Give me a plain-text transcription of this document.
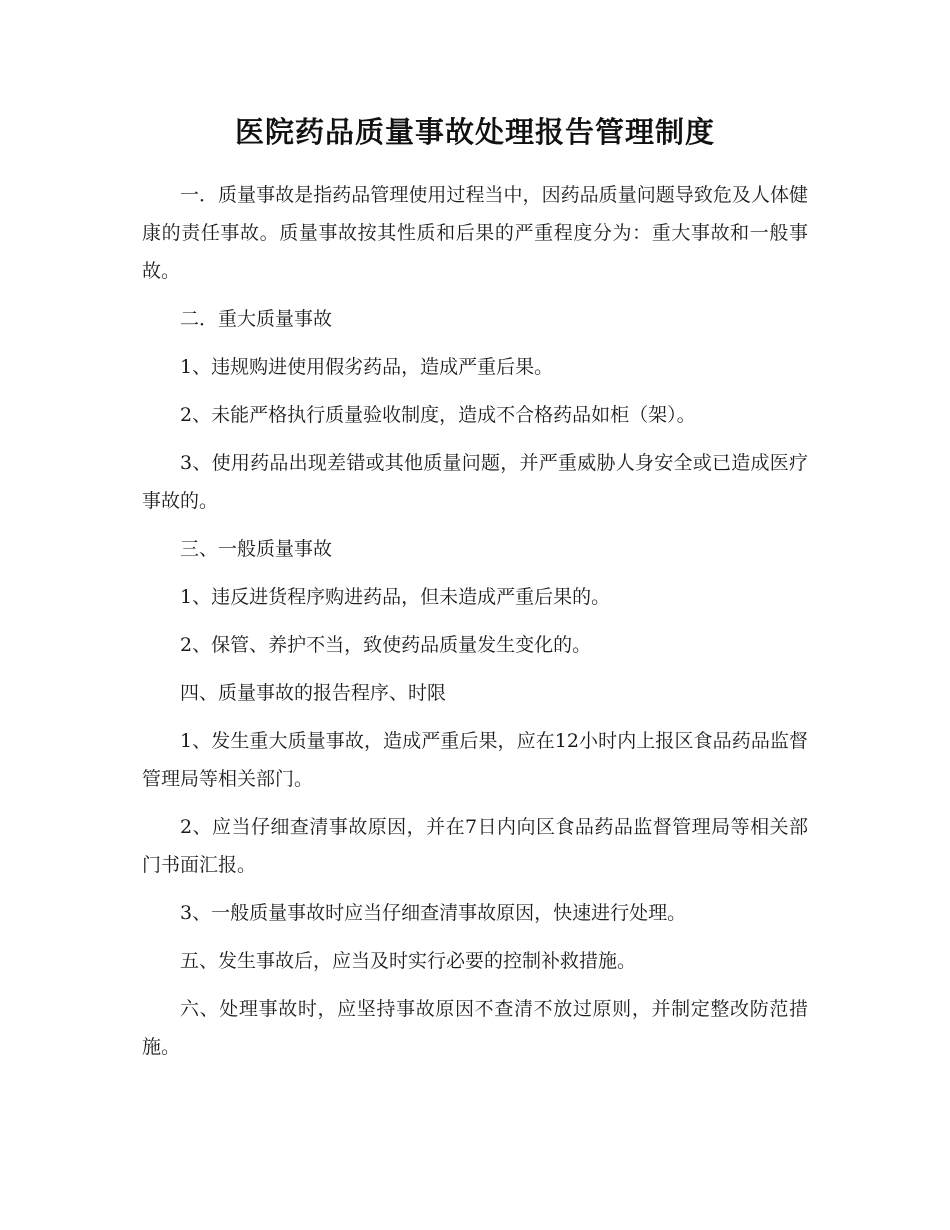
医院药品质量事故处理报告管理制度

一．质量事故是指药品管理使用过程当中，因药品质量问题导致危及人体健康的责任事故。质量事故按其性质和后果的严重程度分为：重大事故和一般事故。

二．重大质量事故

1、违规购进使用假劣药品，造成严重后果。

2、未能严格执行质量验收制度，造成不合格药品如柜（架）。

3、使用药品出现差错或其他质量问题，并严重威胁人身安全或已造成医疗事故的。

三、一般质量事故

1、违反进货程序购进药品，但未造成严重后果的。

2、保管、养护不当，致使药品质量发生变化的。

四、质量事故的报告程序、时限

1、发生重大质量事故，造成严重后果，应在12小时内上报区食品药品监督管理局等相关部门。

2、应当仔细查清事故原因，并在7日内向区食品药品监督管理局等相关部门书面汇报。

3、一般质量事故时应当仔细查清事故原因，快速进行处理。

五、发生事故后，应当及时实行必要的控制补救措施。

六、处理事故时，应坚持事故原因不查清不放过原则，并制定整改防范措施。
